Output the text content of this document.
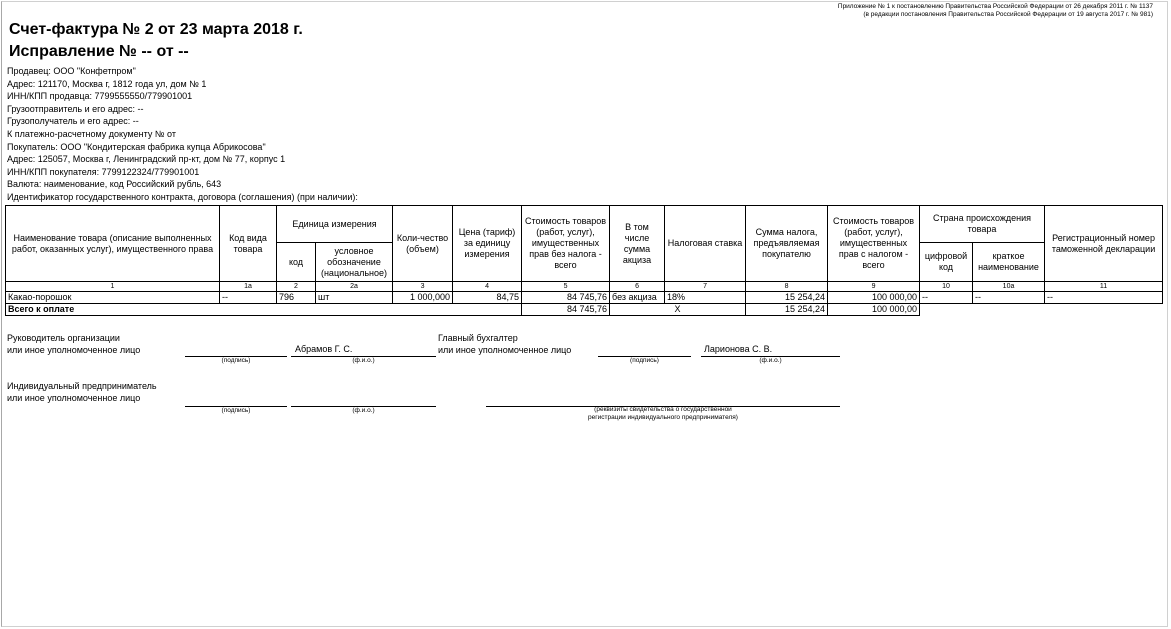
Приложение № 1 к постановлению Правительства Российской Федерации от 26 декабря 2011 г. № 1137
(в редакции постановления Правительства Российской Федерации от 19 августа 2017 г. № 981)
Счет-фактура № 2 от 23 марта 2018 г.
Исправление № -- от --
Продавец: ООО "Конфетпром"
Адрес: 121170, Москва г, 1812 года ул, дом № 1
ИНН/КПП продавца: 7799555550/779901001
Грузоотправитель и его адрес: --
Грузополучатель и его адрес: --
К платежно-расчетному документу № от
Покупатель: ООО "Кондитерская фабрика купца Абрикосова"
Адрес: 125057, Москва г, Ленинградский пр-кт, дом № 77, корпус 1
ИНН/КПП покупателя: 7799122324/779901001
Валюта: наименование, код Российский рубль, 643
Идентификатор государственного контракта, договора (соглашения) (при наличии):
Наименование товара (описание выполненных работ, оказанных услуг), имущественного права	Код вида товара	Единица измерения		Коли-чество (объем)	Цена (тариф) за единицу измерения	Стоимость товаров (работ, услуг), имущественных прав без налога - всего	В том числе сумма акциза	Налоговая ставка	Сумма налога, предъявляемая покупателю	Стоимость товаров (работ, услуг), имущественных прав с налогом - всего	Страна происхождения товара		Регистрационный номер таможенной декларации
		код	условное обозначение (национальное)								цифровой код	краткое наименование	
1	1а	2	2а	3	4	5	6	7	8	9	10	10а	11
Какао-порошок	--	796	шт	1 000,000	84,75	84 745,76	без акциза	18%	15 254,24	100 000,00	--	--	--
Всего к оплате						84 745,76	X		15 254,24	100 000,00			
Руководитель организации
или иное уполномоченное лицо
(подпись)
Абрамов Г. С.
(ф.и.о.)
Главный бухгалтер
или иное уполномоченное лицо
(подпись)
Ларионова С. В.
(ф.и.о.)
Индивидуальный предприниматель
или иное уполномоченное лицо
(подпись)	(ф.и.о.)	(реквизиты свидетельства о государственной
регистрации индивидуального предпринимателя)
